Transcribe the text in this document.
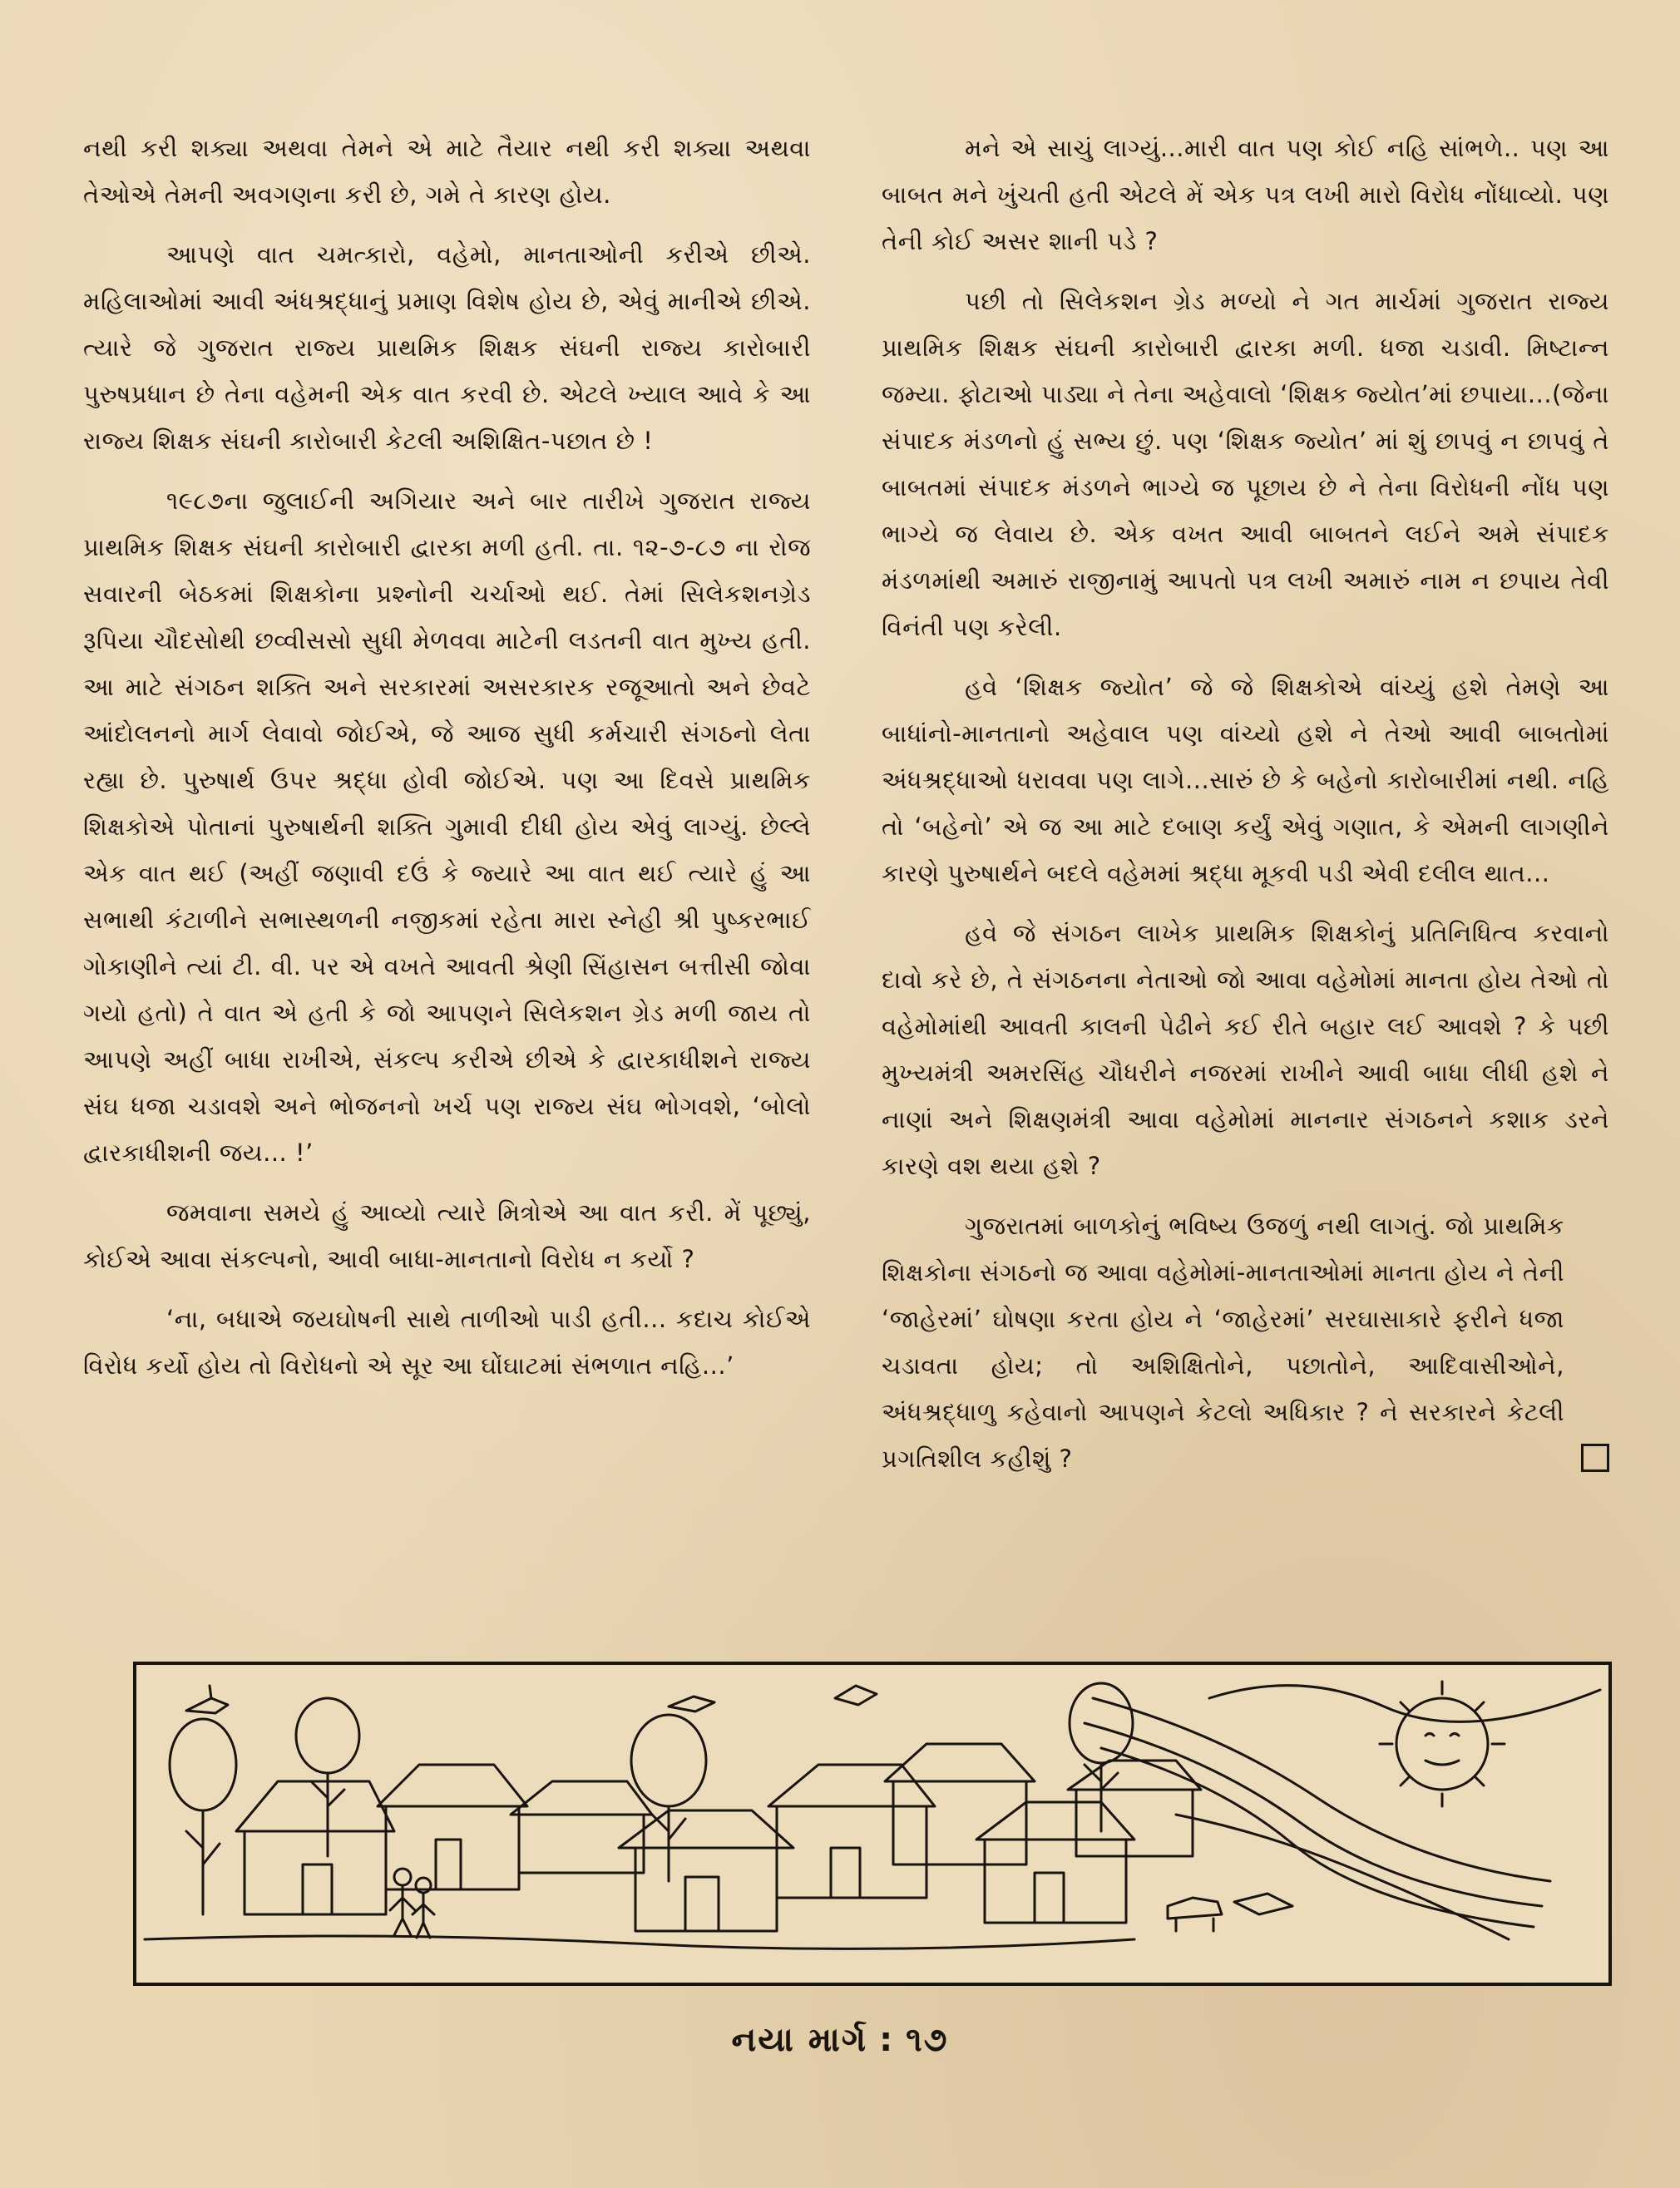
નથી કરી શક્યા અથવા તેમને એ માટે તૈયાર નથી કરી શક્યા અથવા તેઓએ તેમની અવગણના કરી છે, ગમે તે કારણ હોય.

આપણે વાત ચમત્કારો, વહેમો, માનતાઓની કરીએ છીએ. મહિલાઓમાં આવી અંધશ્રદ્ધાનું પ્રમાણ વિશેષ હોય છે, એવું માનીએ છીએ. ત્યારે જે ગુજરાત રાજ્ય પ્રાથમિક શિક્ષક સંઘની રાજ્ય કારોબારી પુરુષપ્રધાન છે તેના વહેમની એક વાત કરવી છે. એટલે ખ્યાલ આવે કે આ રાજ્ય શિક્ષક સંઘની કારોબારી કેટલી અશિક્ષિત-પછાત છે !

૧૯૮૭ના જુલાઈની અગિયાર અને બાર તારીખે ગુજરાત રાજ્ય પ્રાથમિક શિક્ષક સંઘની કારોબારી દ્વારકા મળી હતી. તા. ૧૨-૭-૮૭ ના રોજ સવારની બેઠકમાં શિક્ષકોના પ્રશ્નોની ચર્ચાઓ થઈ. તેમાં સિલેકશનગ્રેડ રૂપિયા ચૌદસોથી છવ્વીસસો સુધી મેળવવા માટેની લડતની વાત મુખ્ય હતી. આ માટે સંગઠન શક્તિ અને સરકારમાં અસરકારક રજૂઆતો અને છેવટે આંદોલનનો માર્ગ લેવાવો જોઈએ, જે આજ સુધી કર્મચારી સંગઠનો લેતા રહ્યા છે. પુરુષાર્થ ઉપર શ્રદ્ધા હોવી જોઈએ. પણ આ દિવસે પ્રાથમિક શિક્ષકોએ પોતાનાં પુરુષાર્થની શક્તિ ગુમાવી દીધી હોય એવું લાગ્યું. છેલ્લે એક વાત થઈ (અહીં જણાવી દઉં કે જ્યારે આ વાત થઈ ત્યારે હું આ સભાથી કંટાળીને સભાસ્થળની નજીકમાં રહેતા મારા સ્નેહી શ્રી પુષ્કરભાઈ ગોકાણીને ત્યાં ટી. વી. પર એ વખતે આવતી શ્રેણી સિંહાસન બત્તીસી જોવા ગયો હતો) તે વાત એ હતી કે જો આપણને સિલેકશન ગ્રેડ મળી જાય તો આપણે અહીં બાધા રાખીએ, સંકલ્પ કરીએ છીએ કે દ્વારકાધીશને રાજ્ય સંઘ ધજા ચડાવશે અને ભોજનનો ખર્ચ પણ રાજ્ય સંઘ ભોગવશે, ‘બોલો દ્વારકાધીશની જય... !’

જમવાના સમયે હું આવ્યો ત્યારે મિત્રોએ આ વાત કરી. મેં પૂછ્યું, કોઈએ આવા સંકલ્પનો, આવી બાધા-માનતાનો વિરોધ ન કર્યો ?

‘ના, બધાએ જયઘોષની સાથે તાળીઓ પાડી હતી... કદાચ કોઈએ વિરોધ કર્યો હોય તો વિરોધનો એ સૂર આ ઘોંઘાટમાં સંભળાત નહિ...’

મને એ સાચું લાગ્યું...મારી વાત પણ કોઈ નહિ સાંભળે.. પણ આ બાબત મને ખુંચતી હતી એટલે મેં એક પત્ર લખી મારો વિરોધ નોંધાવ્યો. પણ તેની કોઈ અસર શાની પડે ?

પછી તો સિલેકશન ગ્રેડ મળ્યો ને ગત માર્ચમાં ગુજરાત રાજ્ય પ્રાથમિક શિક્ષક સંઘની કારોબારી દ્વારકા મળી. ધજા ચડાવી. મિષ્ટાન્ન જમ્યા. ફોટાઓ પાડ્યા ને તેના અહેવાલો ‘શિક્ષક જ્યોત’માં છપાયા...(જેના સંપાદક મંડળનો હું સભ્ય છું. પણ ‘શિક્ષક જ્યોત’ માં શું છાપવું ન છાપવું તે બાબતમાં સંપાદક મંડળને ભાગ્યે જ પૂછાય છે ને તેના વિરોધની નોંધ પણ ભાગ્યે જ લેવાય છે. એક વખત આવી બાબતને લઈને અમે સંપાદક મંડળમાંથી અમારું રાજીનામું આપતો પત્ર લખી અમારું નામ ન છપાય તેવી વિનંતી પણ કરેલી.

હવે ‘શિક્ષક જ્યોત’ જે જે શિક્ષકોએ વાંચ્યું હશે તેમણે આ બાધાંનો-માનતાનો અહેવાલ પણ વાંચ્યો હશે ને તેઓ આવી બાબતોમાં અંધશ્રદ્ધાઓ ધરાવવા પણ લાગે...સારું છે કે બહેનો કારોબારીમાં નથી. નહિ તો ‘બહેનો’ એ જ આ માટે દબાણ કર્યું એવું ગણાત, કે એમની લાગણીને કારણે પુરુષાર્થને બદલે વહેમમાં શ્રદ્ધા મૂકવી પડી એવી દલીલ થાત...

હવે જે સંગઠન લાખેક પ્રાથમિક શિક્ષકોનું પ્રતિનિધિત્વ કરવાનો દાવો કરે છે, તે સંગઠનના નેતાઓ જો આવા વહેમોમાં માનતા હોય તેઓ તો વહેમોમાંથી આવતી કાલની પેઢીને કઈ રીતે બહાર લઈ આવશે ? કે પછી મુખ્યમંત્રી અમરસિંહ ચૌધરીને નજરમાં રાખીને આવી બાધા લીધી હશે ને નાણાં અને શિક્ષણમંત્રી આવા વહેમોમાં માનનાર સંગઠનને કશાક ડરને કારણે વશ થયા હશે ?

ગુજરાતમાં બાળકોનું ભવિષ્ય ઉજળું નથી લાગતું. જો પ્રાથમિક શિક્ષકોના સંગઠનો જ આવા વહેમોમાં-માનતાઓમાં માનતા હોય ને તેની ‘જાહેરમાં’ ઘોષણા કરતા હોય ને ‘જાહેરમાં’ સરઘાસાકારે ફરીને ધજા ચડાવતા હોય; તો અશિક્ષિતોને, પછાતોને, આદિવાસીઓને, અંધશ્રદ્ધાળુ કહેવાનો આપણને કેટલો અધિકાર ? ને સરકારને કેટલી પ્રગતિશીલ કહીશું ?
નયા માર્ગ : ૧૭
